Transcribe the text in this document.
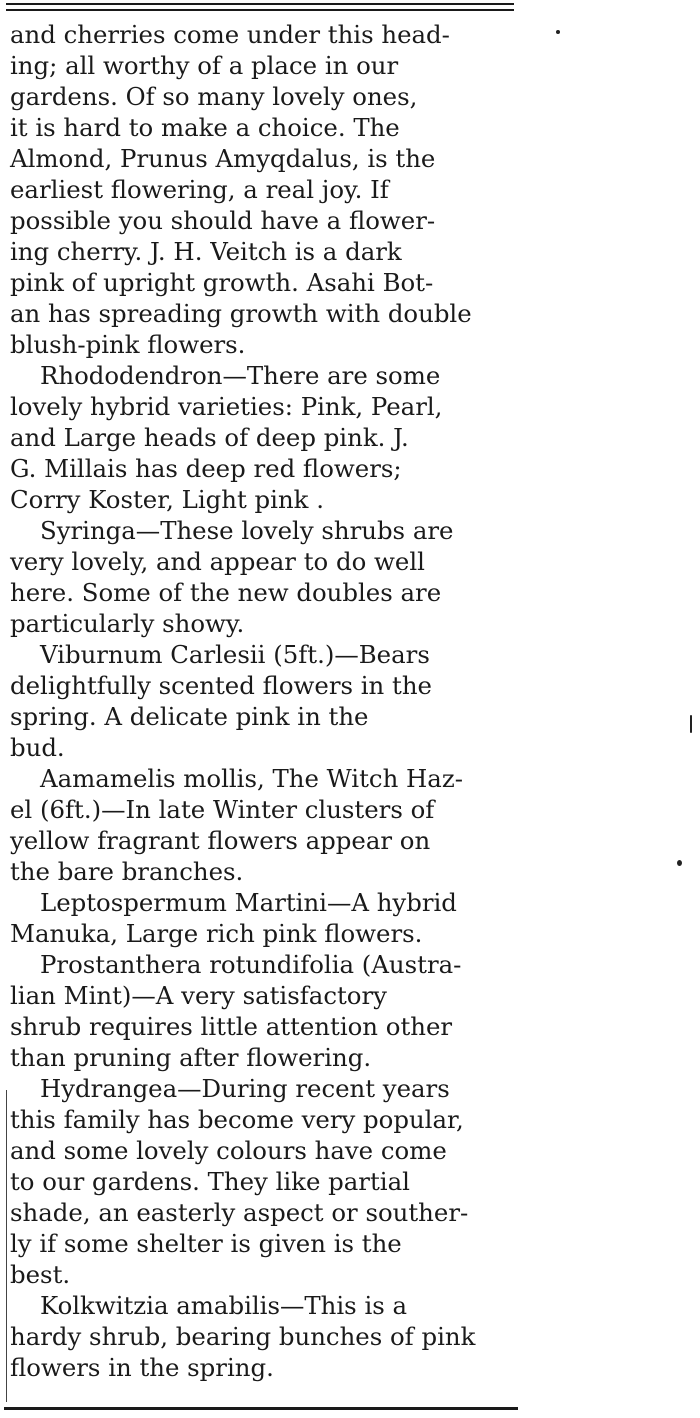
and cherries come under this head-
ing; all worthy of a place in our
gardens. Of so many lovely ones,
it is hard to make a choice. The
Almond, Prunus Amyqdalus, is the
earliest flowering, a real joy. If
possible you should have a flower-
ing cherry. J. H. Veitch is a dark
pink of upright growth. Asahi Bot-
an has spreading growth with double
blush-pink flowers.

Rhododendron—There are some
lovely hybrid varieties: Pink, Pearl,
and Large heads of deep pink. J.
G. Millais has deep red flowers;
Corry Koster, Light pink .

Syringa—These lovely shrubs are
very lovely, and appear to do well
here. Some of the new doubles are
particularly showy.

Viburnum Carlesii (5ft.)—Bears
delightfully scented flowers in the
spring. A delicate pink in the
bud.

Aamamelis mollis, The Witch Haz-
el (6ft.)—In late Winter clusters of
yellow fragrant flowers appear on
the bare branches.

Leptospermum Martini—A hybrid
Manuka, Large rich pink flowers.

Prostanthera rotundifolia (Austra-
lian Mint)—A very satisfactory
shrub requires little attention other
than pruning after flowering.

Hydrangea—During recent years
this family has become very popular,
and some lovely colours have come
to our gardens. They like partial
shade, an easterly aspect or souther-
ly if some shelter is given is the
best.

Kolkwitzia amabilis—This is a
hardy shrub, bearing bunches of pink
flowers in the spring.
